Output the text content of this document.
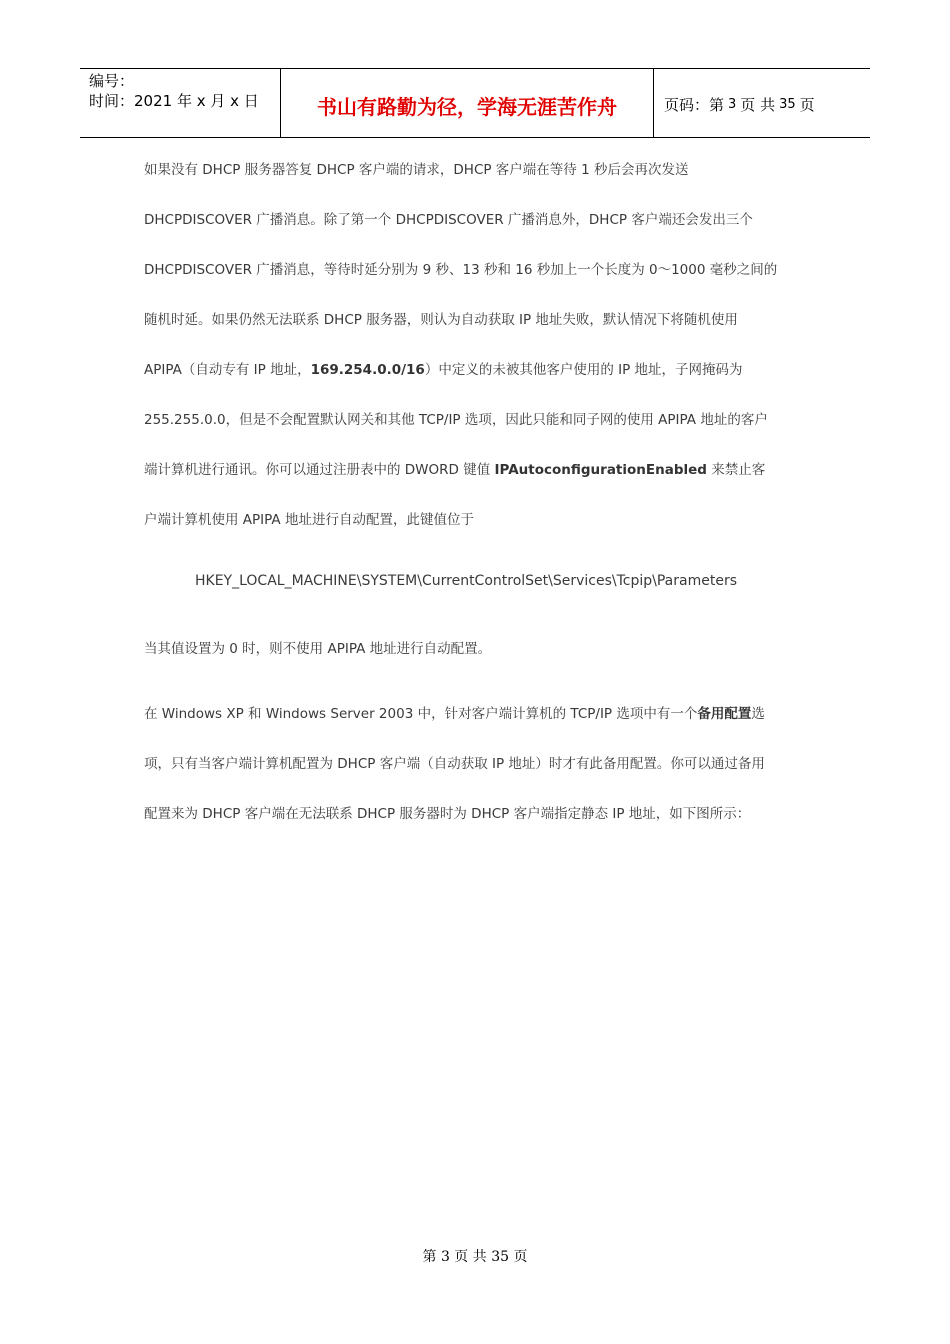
编号：
时间：2021 年 x 月 x 日	书山有路勤为径，学海无涯苦作舟	页码：第 3 页 共 35 页
如果没有 DHCP 服务器答复 DHCP 客户端的请求，DHCP 客户端在等待 1 秒后会再次发送
DHCPDISCOVER 广播消息。除了第一个 DHCPDISCOVER 广播消息外，DHCP 客户端还会发出三个
DHCPDISCOVER 广播消息，等待时延分别为 9 秒、13 秒和 16 秒加上一个长度为 0～1000 毫秒之间的
随机时延。如果仍然无法联系 DHCP 服务器，则认为自动获取 IP 地址失败，默认情况下将随机使用
APIPA（自动专有 IP 地址，169.254.0.0/16）中定义的未被其他客户使用的 IP 地址，子网掩码为
255.255.0.0，但是不会配置默认网关和其他 TCP/IP 选项，因此只能和同子网的使用 APIPA 地址的客户
端计算机进行通讯。你可以通过注册表中的 DWORD 键值 IPAutoconfigurationEnabled 来禁止客
户端计算机使用 APIPA 地址进行自动配置，此键值位于
HKEY_LOCAL_MACHINE\SYSTEM\CurrentControlSet\Services\Tcpip\Parameters
当其值设置为 0 时，则不使用 APIPA 地址进行自动配置。
在 Windows XP 和 Windows Server 2003 中，针对客户端计算机的 TCP/IP 选项中有一个备用配置选
项，只有当客户端计算机配置为 DHCP 客户端（自动获取 IP 地址）时才有此备用配置。你可以通过备用
配置来为 DHCP 客户端在无法联系 DHCP 服务器时为 DHCP 客户端指定静态 IP 地址，如下图所示：
第 3 页 共 35 页
